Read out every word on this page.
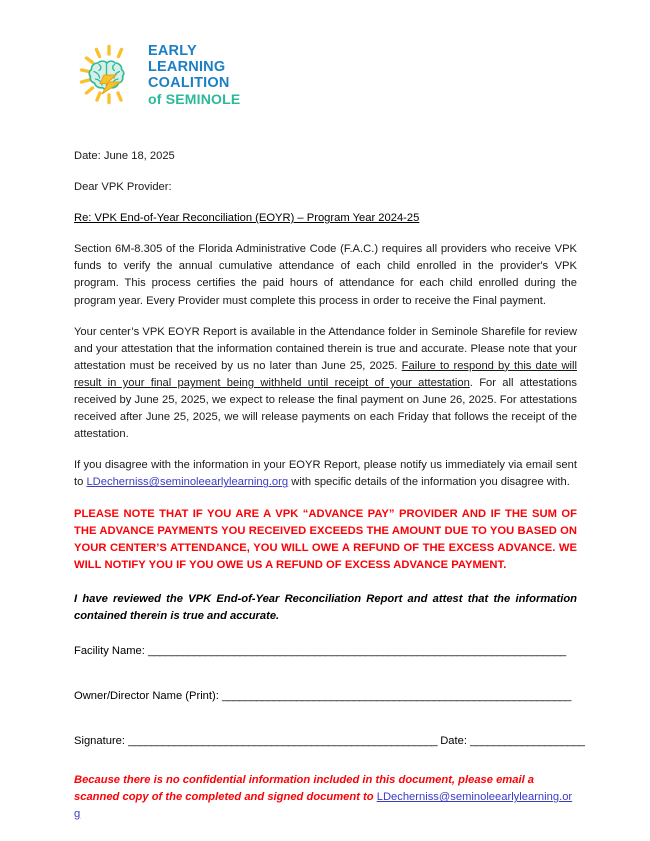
EARLY
LEARNING
COALITION
of SEMINOLE

Date: June 18, 2025

Dear VPK Provider:

Re: VPK End-of-Year Reconciliation (EOYR) – Program Year 2024-25

Section 6M-8.305 of the Florida Administrative Code (F.A.C.) requires all providers who receive VPK funds to verify the annual cumulative attendance of each child enrolled in the provider's VPK program. This process certifies the paid hours of attendance for each child enrolled during the program year. Every Provider must complete this process in order to receive the Final payment.

Your center’s VPK EOYR Report is available in the Attendance folder in Seminole Sharefile for review and your attestation that the information contained therein is true and accurate. Please note that your attestation must be received by us no later than June 25, 2025. Failure to respond by this date will result in your final payment being withheld until receipt of your attestation. For all attestations received by June 25, 2025, we expect to release the final payment on June 26, 2025. For attestations received after June 25, 2025, we will release payments on each Friday that follows the receipt of the attestation.

If you disagree with the information in your EOYR Report, please notify us immediately via email sent to LDecherniss@seminoleearlylearning.org with specific details of the information you disagree with.

PLEASE NOTE THAT IF YOU ARE A VPK “ADVANCE PAY” PROVIDER AND IF THE SUM OF THE ADVANCE PAYMENTS YOU RECEIVED EXCEEDS THE AMOUNT DUE TO YOU BASED ON YOUR CENTER’S ATTENDANCE, YOU WILL OWE A REFUND OF THE EXCESS ADVANCE. WE WILL NOTIFY YOU IF YOU OWE US A REFUND OF EXCESS ADVANCE PAYMENT.

I have reviewed the VPK End-of-Year Reconciliation Report and attest that the information contained therein is true and accurate.

Facility Name: _________________________________________________________________________

Owner/Director Name (Print): _____________________________________________________________

Signature: ______________________________________________________ Date: ____________________

Because there is no confidential information included in this document, please email a scanned copy of the completed and signed document to LDecherniss@seminoleearlylearning.org
